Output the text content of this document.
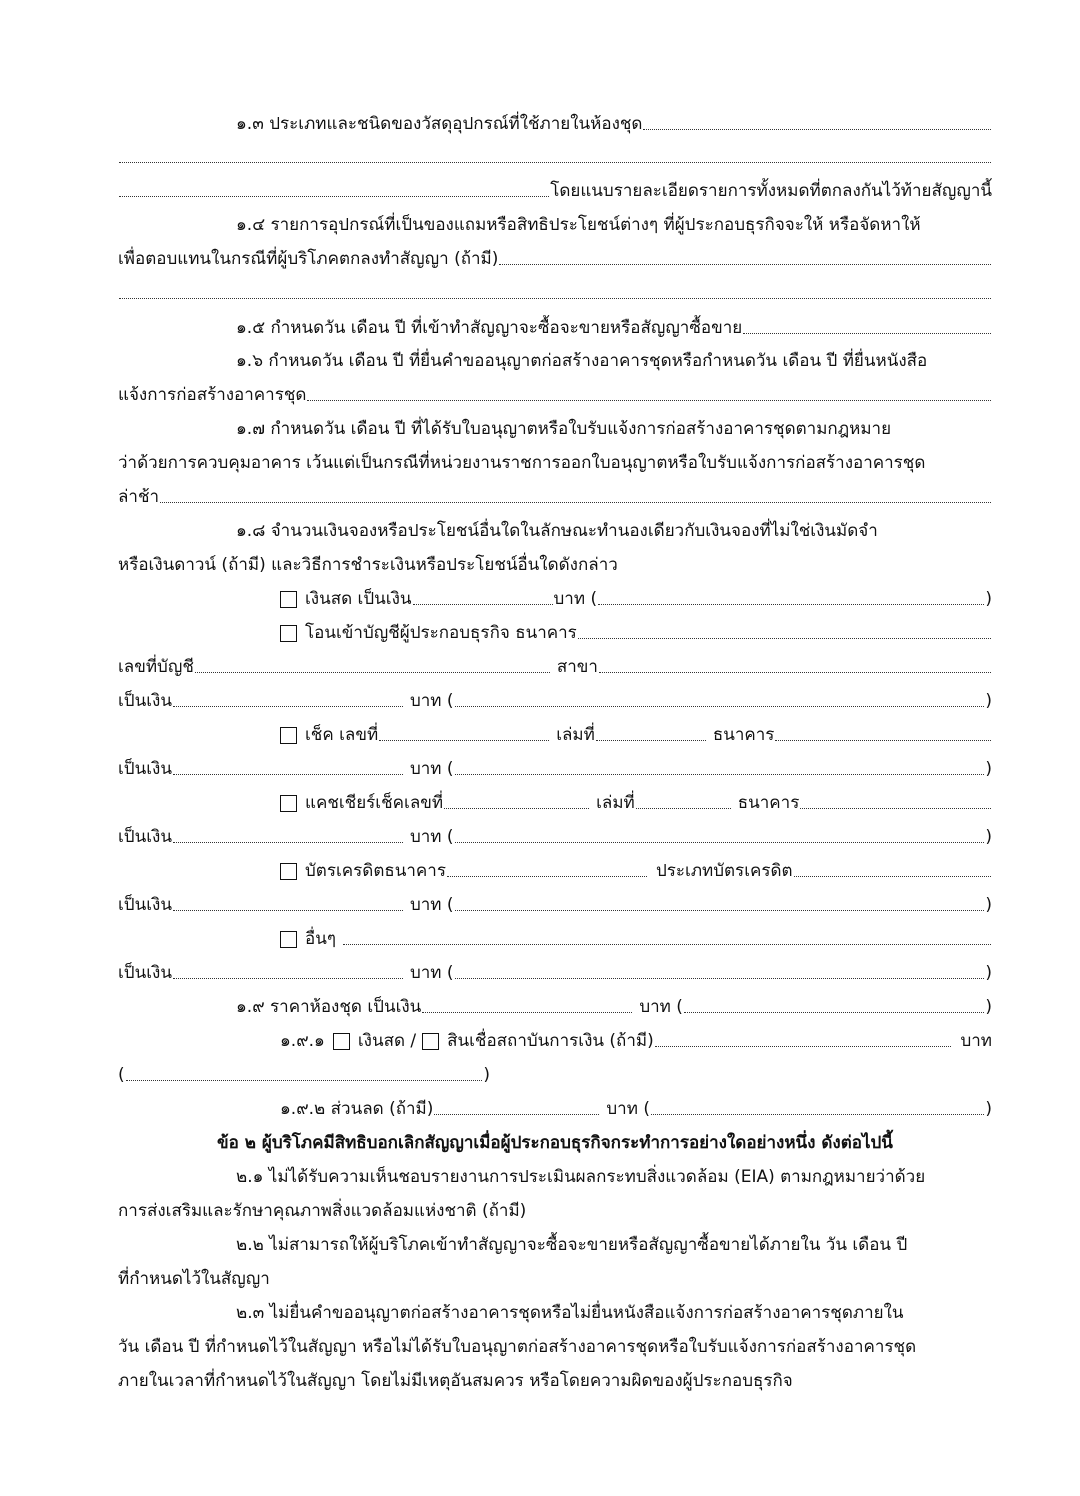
๑.๓ ประเภทและชนิดของวัสดุอุปกรณ์ที่ใช้ภายในห้องชุด
โดยแนบรายละเอียดรายการทั้งหมดที่ตกลงกันไว้ท้ายสัญญานี้
๑.๔ รายการอุปกรณ์ที่เป็นของแถมหรือสิทธิประโยชน์ต่างๆ ที่ผู้ประกอบธุรกิจจะให้ หรือจัดหาให้
เพื่อตอบแทนในกรณีที่ผู้บริโภคตกลงทำสัญญา (ถ้ามี)
๑.๕ กำหนดวัน เดือน ปี ที่เข้าทำสัญญาจะซื้อจะขายหรือสัญญาซื้อขาย
๑.๖ กำหนดวัน เดือน ปี ที่ยื่นคำขออนุญาตก่อสร้างอาคารชุดหรือกำหนดวัน เดือน ปี ที่ยื่นหนังสือ
แจ้งการก่อสร้างอาคารชุด
๑.๗ กำหนดวัน เดือน ปี ที่ได้รับใบอนุญาตหรือใบรับแจ้งการก่อสร้างอาคารชุดตามกฎหมาย
ว่าด้วยการควบคุมอาคาร เว้นแต่เป็นกรณีที่หน่วยงานราชการออกใบอนุญาตหรือใบรับแจ้งการก่อสร้างอาคารชุด
ล่าช้า
๑.๘ จำนวนเงินจองหรือประโยชน์อื่นใดในลักษณะทำนองเดียวกับเงินจองที่ไม่ใช่เงินมัดจำ
หรือเงินดาวน์ (ถ้ามี) และวิธีการชำระเงินหรือประโยชน์อื่นใดดังกล่าว
เงินสด เป็นเงิน	บาท (	)
โอนเข้าบัญชีผู้ประกอบธุรกิจ ธนาคาร
เลขที่บัญชี	สาขา
เป็นเงิน	บาท (	)
เช็ค เลขที่	เล่มที่	ธนาคาร
เป็นเงิน	บาท (	)
แคชเชียร์เช็คเลขที่	เล่มที่	ธนาคาร
เป็นเงิน	บาท (	)
บัตรเครดิตธนาคาร	ประเภทบัตรเครดิต
เป็นเงิน	บาท (	)
อื่นๆ
เป็นเงิน	บาท (	)
๑.๙ ราคาห้องชุด เป็นเงิน	บาท (	)
๑.๙.๑ เงินสด / สินเชื่อสถาบันการเงิน (ถ้ามี)	บาท
(	)
๑.๙.๒ ส่วนลด (ถ้ามี)	บาท (	)
ข้อ ๒ ผู้บริโภคมีสิทธิบอกเลิกสัญญาเมื่อผู้ประกอบธุรกิจกระทำการอย่างใดอย่างหนึ่ง ดังต่อไปนี้
๒.๑ ไม่ได้รับความเห็นชอบรายงานการประเมินผลกระทบสิ่งแวดล้อม (EIA) ตามกฎหมายว่าด้วย
การส่งเสริมและรักษาคุณภาพสิ่งแวดล้อมแห่งชาติ (ถ้ามี)
๒.๒ ไม่สามารถให้ผู้บริโภคเข้าทำสัญญาจะซื้อจะขายหรือสัญญาซื้อขายได้ภายใน วัน เดือน ปี
ที่กำหนดไว้ในสัญญา
๒.๓ ไม่ยื่นคำขออนุญาตก่อสร้างอาคารชุดหรือไม่ยื่นหนังสือแจ้งการก่อสร้างอาคารชุดภายใน
วัน เดือน ปี ที่กำหนดไว้ในสัญญา หรือไม่ได้รับใบอนุญาตก่อสร้างอาคารชุดหรือใบรับแจ้งการก่อสร้างอาคารชุด
ภายในเวลาที่กำหนดไว้ในสัญญา โดยไม่มีเหตุอันสมควร หรือโดยความผิดของผู้ประกอบธุรกิจ
